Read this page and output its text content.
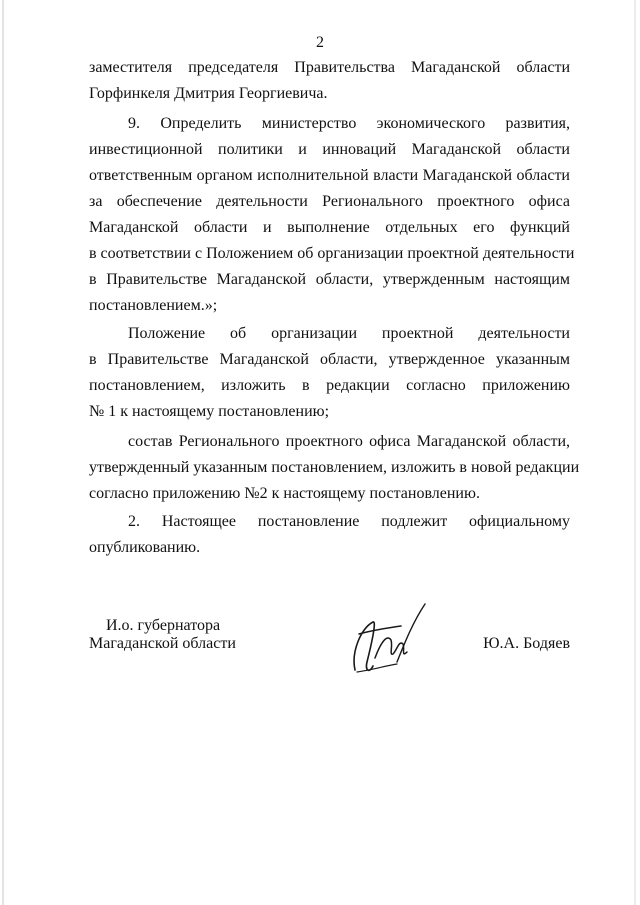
2
заместителя председателя Правительства Магаданской области
Горфинкеля Дмитрия Георгиевича.
9. Определить министерство экономического развития,
инвестиционной политики и инноваций Магаданской области
ответственным органом исполнительной власти Магаданской области
за обеспечение деятельности Регионального проектного офиса
Магаданской области и выполнение отдельных его функций
в соответствии с Положением об организации проектной деятельности
в Правительстве Магаданской области, утвержденным настоящим
постановлением.»;
Положение об организации проектной деятельности
в Правительстве Магаданской области, утвержденное указанным
постановлением, изложить в редакции согласно приложению
№ 1 к настоящему постановлению;
состав Регионального проектного офиса Магаданской области,
утвержденный указанным постановлением, изложить в новой редакции
согласно приложению №2 к настоящему постановлению.
2. Настоящее постановление подлежит официальному
опубликованию.
И.о. губернатора
Магаданской области	Ю.А. Бодяев
